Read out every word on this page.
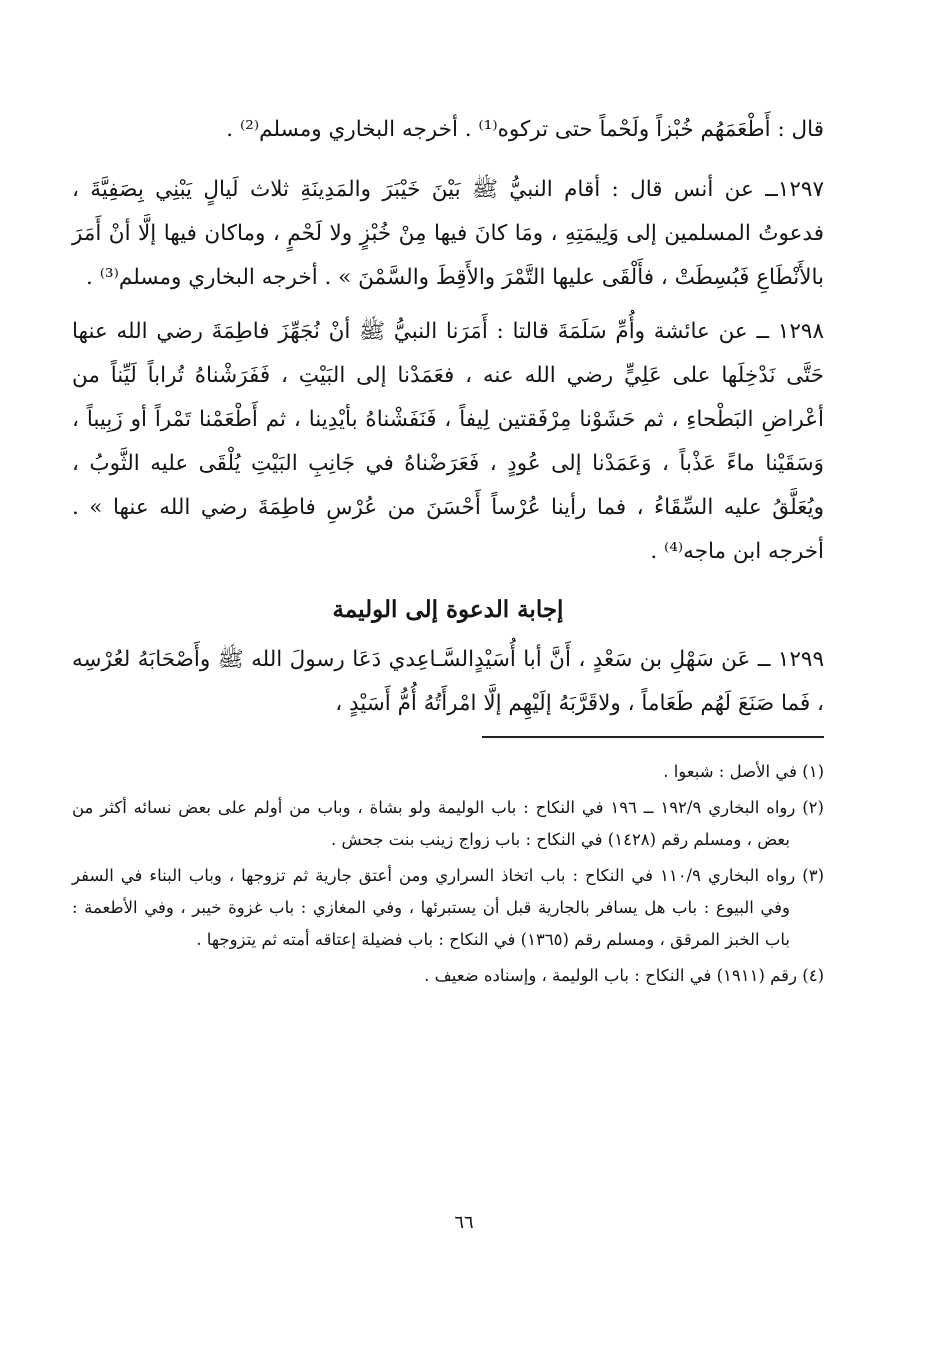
قال : أَطْعَمَهُم خُبْزاً ولَحْماً حتى تركوه⁽¹⁾ . أخرجه البخاري ومسلم⁽²⁾ .

١٢٩٧ــ عن أنس قال : أقام النبيُّ ﷺ بَيْنَ خَيْبَرَ والمَدِينَةِ ثلاث لَيالٍ يَبْنِي بِصَفِيَّةَ ، فدعوتُ المسلمين إلى وَلِيمَتِهِ ، ومَا كانَ فيها مِنْ خُبْزٍ ولا لَحْمٍ ، وماكان فيها إلَّا أنْ أَمَرَ بالأَنْطَاعِ فَبُسِطَتْ ، فأَلْقَى عليها التَّمْرَ والأَقِطَ والسَّمْنَ » . أخرجه البخاري ومسلم⁽³⁾ .

١٢٩٨ ــ عن عائشة وأُمِّ سَلَمَةَ قالتا : أَمَرَنا النبيُّ ﷺ أنْ نُجَهِّزَ فاطِمَةَ رضي الله عنها حَتَّى نَدْخِلَها على عَلِيٍّ رضي الله عنه ، فعَمَدْنا إلى البَيْتِ ، فَفَرَشْناهُ تُراباً لَيِّناً من أعْراضِ البَطْحاءِ ، ثم حَشَوْنا مِرْفَقتين لِيفاً ، فَنَفَشْناهُ بأيْدِينا ، ثم أَطْعَمْنا تَمْراً أو زَبِيباً ، وَسَقَيْنا ماءً عَذْباً ، وَعَمَدْنا إلى عُودٍ ، فَعَرَضْناهُ في جَانِبِ البَيْتِ يُلْقَى عليه الثَّوبُ ، ويُعَلَّقُ عليه السِّقَاءُ ، فما رأينا عُرْساً أَحْسَنَ من عُرْسِ فاطِمَةَ رضي الله عنها » . أخرجه ابن ماجه⁽⁴⁾ .

إجابة الدعوة إلى الوليمة

١٢٩٩ ــ عَن سَهْلِ بن سَعْدٍ ، أَنَّ أبا أُسَيْدٍالسَّـاعِدي دَعَا رسولَ الله ﷺ وأَصْحَابَهُ لعُرْسِه ، فَما صَنَعَ لَهُم طَعَاماً ، ولاقَرَّبَهُ إلَيْهِم إلَّا امْرأَتُهُ أُمُّ أَسَيْدٍ ،

(١) في الأصل : شبعوا .

(٢) رواه البخاري ١٩٢/٩ ــ ١٩٦ في النكاح : باب الوليمة ولو بشاة ، وباب من أولم على بعض نسائه أكثر من بعض ، ومسلم رقم (١٤٢٨) في النكاح : باب زواج زينب بنت جحش .

(٣) رواه البخاري ١١٠/٩ في النكاح : باب اتخاذ السراري ومن أعتق جارية ثم تزوجها ، وباب البناء في السفر وفي البيوع : باب هل يسافر بالجارية قبل أن يستبرئها ، وفي المغازي : باب غزوة خيبر ، وفي الأطعمة : باب الخبز المرقق ، ومسلم رقم (١٣٦٥) في النكاح : باب فضيلة إعتاقه أمته ثم يتزوجها .

(٤) رقم (١٩١١) في النكاح : باب الوليمة ، وإسناده ضعيف .

٦٦
